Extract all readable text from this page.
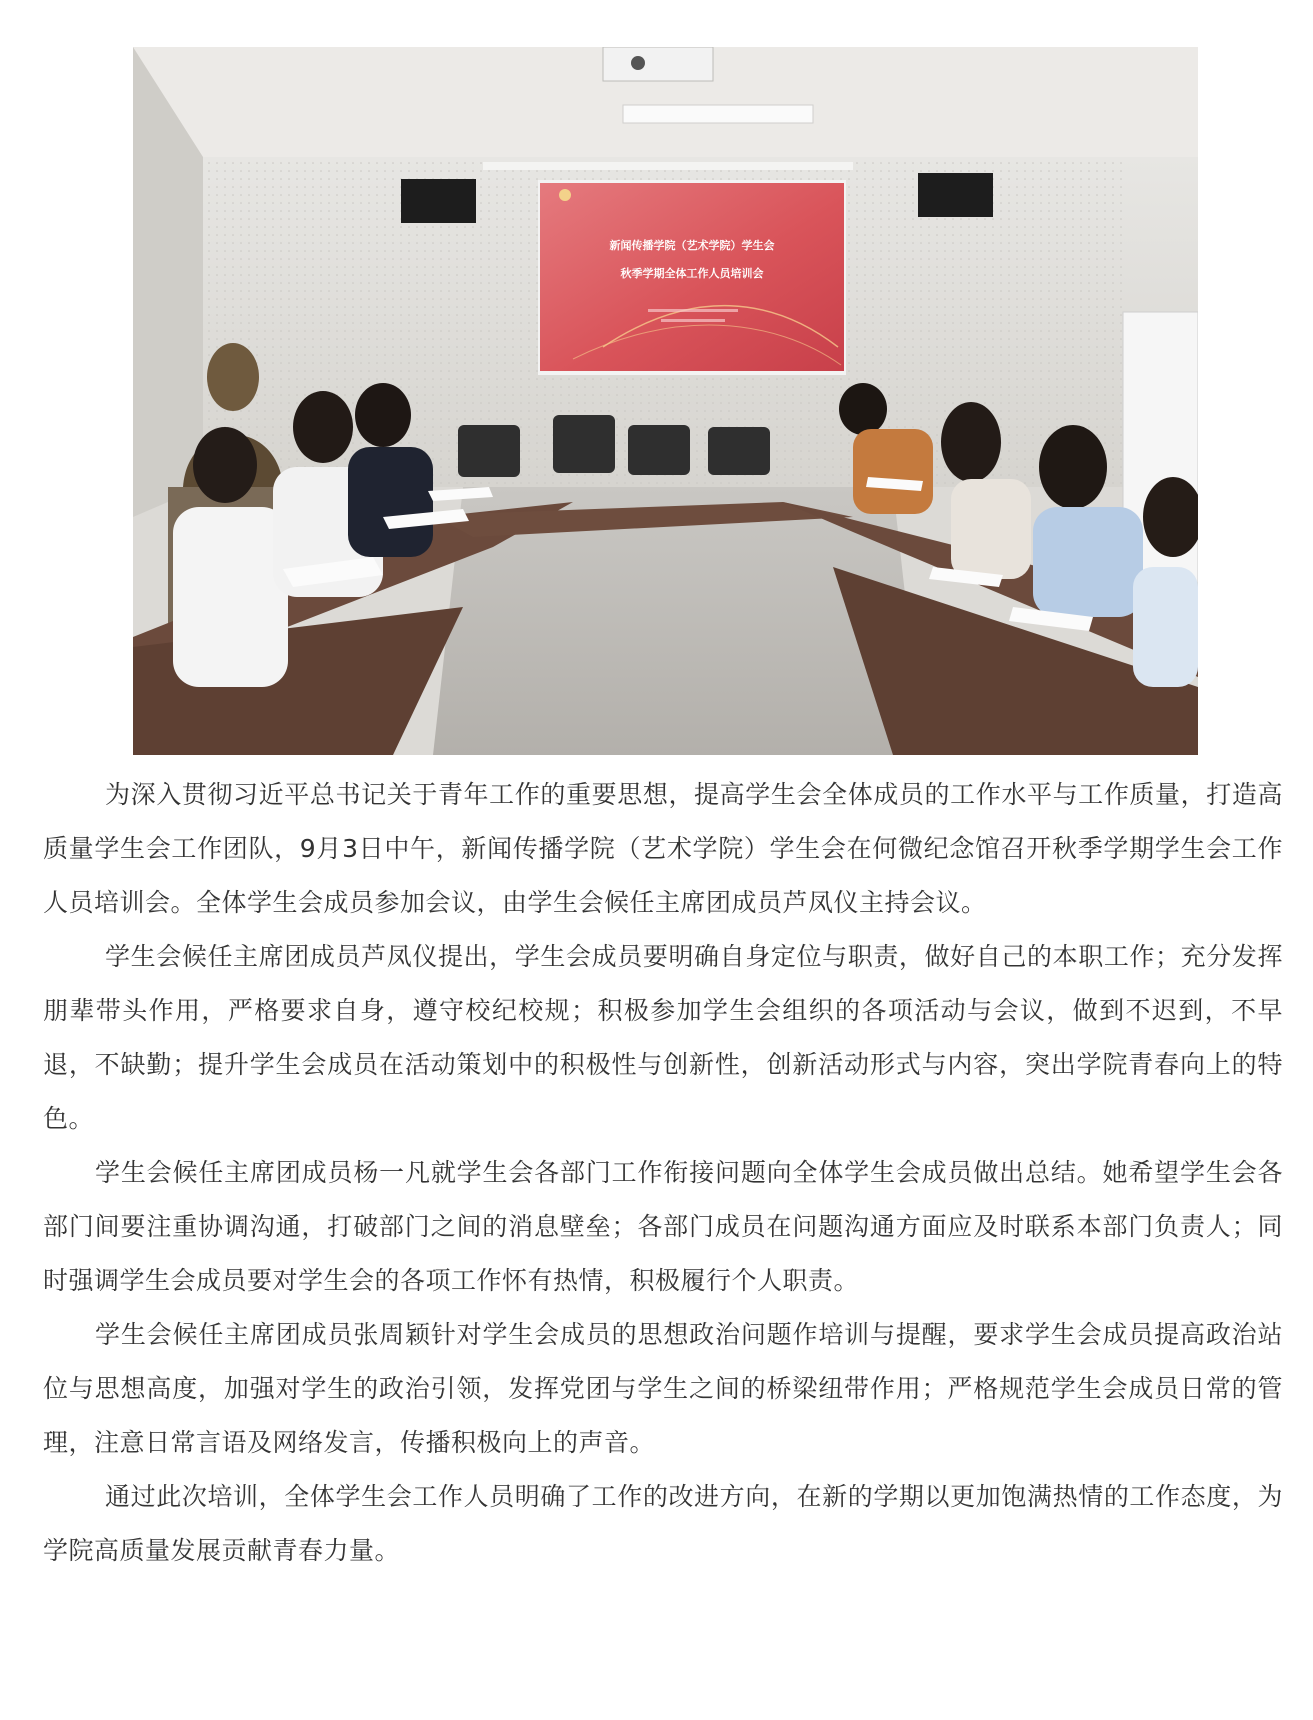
新闻传播学院（艺术学院）学生会
秋季学期全体工作人员培训会

为深入贯彻习近平总书记关于青年工作的重要思想，提高学生会全体成员的工作水平与工作质量，打造高质量学生会工作团队，9月3日中午，新闻传播学院（艺术学院）学生会在何微纪念馆召开秋季学期学生会工作人员培训会。全体学生会成员参加会议，由学生会候任主席团成员芦凤仪主持会议。

学生会候任主席团成员芦凤仪提出，学生会成员要明确自身定位与职责，做好自己的本职工作；充分发挥朋辈带头作用，严格要求自身，遵守校纪校规；积极参加学生会组织的各项活动与会议，做到不迟到，不早退，不缺勤；提升学生会成员在活动策划中的积极性与创新性，创新活动形式与内容，突出学院青春向上的特色。

学生会候任主席团成员杨一凡就学生会各部门工作衔接问题向全体学生会成员做出总结。她希望学生会各部门间要注重协调沟通，打破部门之间的消息壁垒；各部门成员在问题沟通方面应及时联系本部门负责人；同时强调学生会成员要对学生会的各项工作怀有热情，积极履行个人职责。

学生会候任主席团成员张周颖针对学生会成员的思想政治问题作培训与提醒，要求学生会成员提高政治站位与思想高度，加强对学生的政治引领，发挥党团与学生之间的桥梁纽带作用；严格规范学生会成员日常的管理，注意日常言语及网络发言，传播积极向上的声音。

通过此次培训，全体学生会工作人员明确了工作的改进方向，在新的学期以更加饱满热情的工作态度，为学院高质量发展贡献青春力量。
